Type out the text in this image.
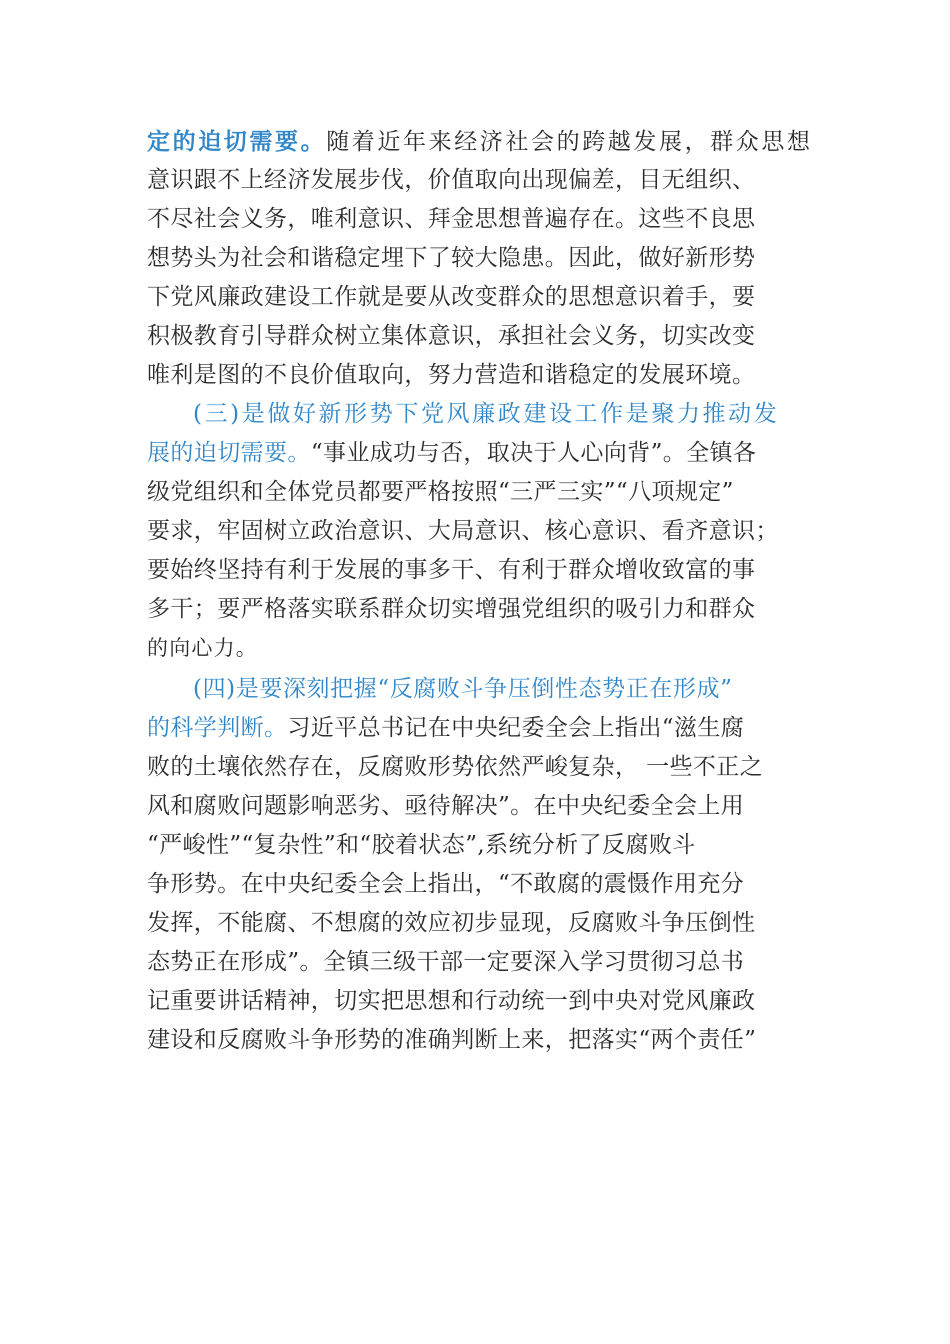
定的迫切需要。随着近年来经济社会的跨越发展，群众思想
意识跟不上经济发展步伐，价值取向出现偏差，目无组织、
不尽社会义务，唯利意识、拜金思想普遍存在。这些不良思
想势头为社会和谐稳定埋下了较大隐患。因此，做好新形势
下党风廉政建设工作就是要从改变群众的思想意识着手，要
积极教育引导群众树立集体意识，承担社会义务，切实改变
唯利是图的不良价值取向，努力营造和谐稳定的发展环境。
(三)是做好新形势下党风廉政建设工作是聚力推动发
展的迫切需要。“事业成功与否，取决于人心向背”。全镇各
级党组织和全体党员都要严格按照“三严三实”“八项规定”
要求，牢固树立政治意识、大局意识、核心意识、看齐意识；
要始终坚持有利于发展的事多干、有利于群众增收致富的事
多干；要严格落实联系群众切实增强党组织的吸引力和群众
的向心力。
(四)是要深刻把握“反腐败斗争压倒性态势正在形成”
的科学判断。习近平总书记在中央纪委全会上指出“滋生腐
败的土壤依然存在，反腐败形势依然严峻复杂， 一些不正之
风和腐败问题影响恶劣、亟待解决”。在中央纪委全会上用
“严峻性”“复杂性”和“胶着状态”,系统分析了反腐败斗
争形势。在中央纪委全会上指出，“不敢腐的震慑作用充分
发挥，不能腐、不想腐的效应初步显现，反腐败斗争压倒性
态势正在形成”。全镇三级干部一定要深入学习贯彻习总书
记重要讲话精神，切实把思想和行动统一到中央对党风廉政
建设和反腐败斗争形势的准确判断上来，把落实“两个责任”
